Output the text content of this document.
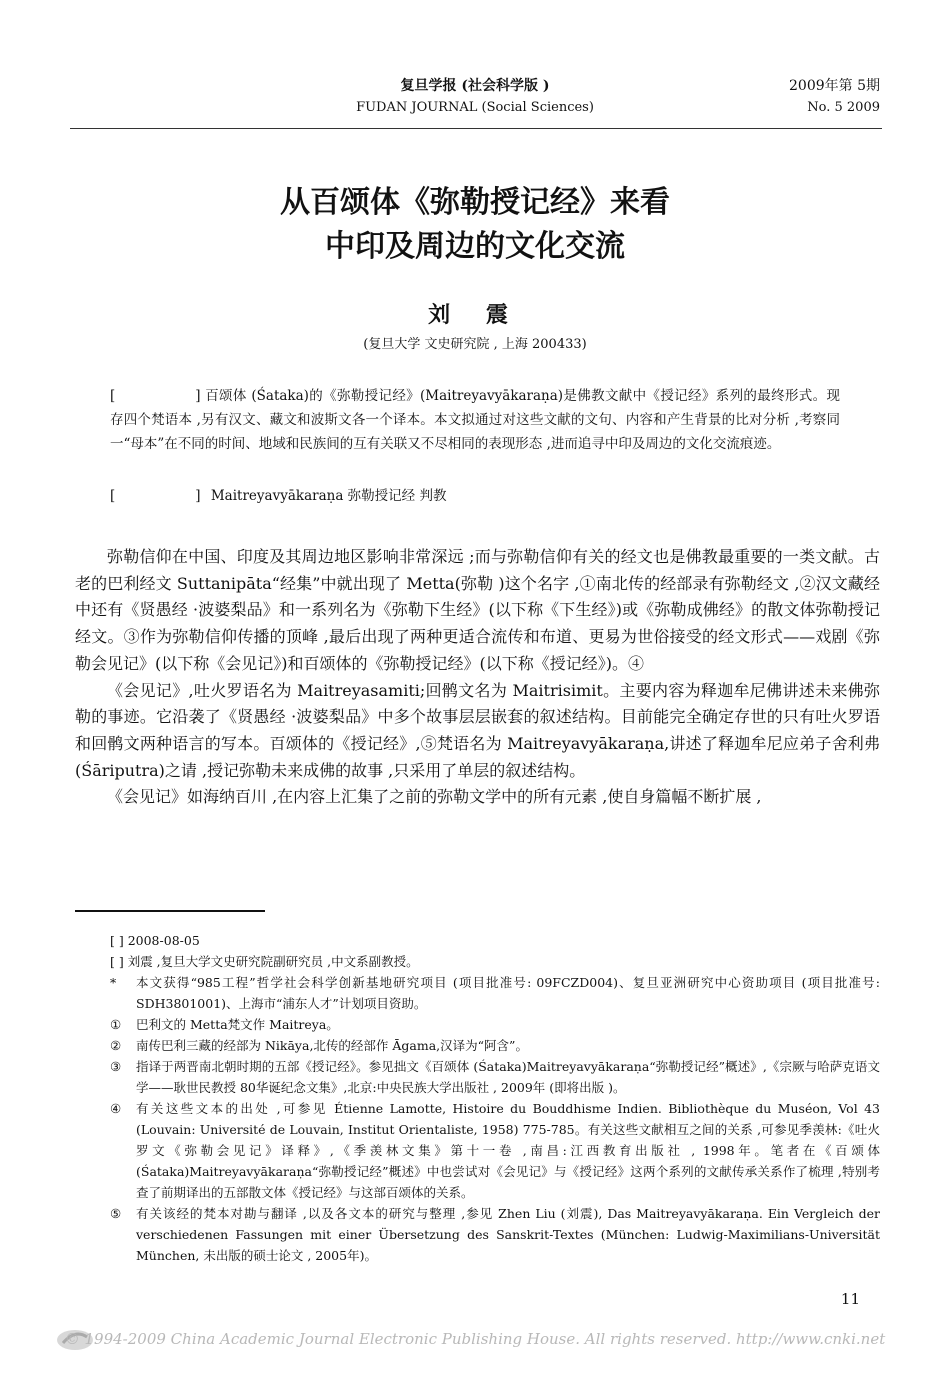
复旦学报 (社会科学版 )
FUDAN JOURNAL (Social Sciences)
2009年第 5期
No. 5 2009
从百颂体《弥勒授记经》来看
中印及周边的文化交流
刘 震
(复旦大学 文史研究院 , 上海 200433)
[	] 百颂体 (Śataka)的《弥勒授记经》(Maitreyavyākaraṇa)是佛教文献中《授记经》系列的最终形式。现存四个梵语本 ,另有汉文、藏文和波斯文各一个译本。本文拟通过对这些文献的文句、内容和产生背景的比对分析 ,考察同一“母本”在不同的时间、地域和民族间的互有关联又不尽相同的表现形态 ,进而追寻中印及周边的文化交流痕迹。
[	] Maitreyavyākaraṇa 弥勒授记经 判教

弥勒信仰在中国、印度及其周边地区影响非常深远 ;而与弥勒信仰有关的经文也是佛教最重要的一类文献。古老的巴利经文 Suttanipāta“经集”中就出现了 Metta(弥勒 )这个名字 ,①南北传的经部录有弥勒经文 ,②汉文藏经中还有《贤愚经 ·波婆梨品》和一系列名为《弥勒下生经》(以下称《下生经》)或《弥勒成佛经》的散文体弥勒授记经文。③作为弥勒信仰传播的顶峰 ,最后出现了两种更适合流传和布道、更易为世俗接受的经文形式——戏剧《弥勒会见记》(以下称《会见记》)和百颂体的《弥勒授记经》(以下称《授记经》)。④

《会见记》,吐火罗语名为 Maitreyasamiti;回鹘文名为 Maitrisimit。主要内容为释迦牟尼佛讲述未来佛弥勒的事迹。它沿袭了《贤愚经 ·波婆梨品》中多个故事层层嵌套的叙述结构。目前能完全确定存世的只有吐火罗语和回鹘文两种语言的写本。百颂体的《授记经》,⑤梵语名为 Maitreyavyākaraṇa,讲述了释迦牟尼应弟子舍利弗 (Śāriputra)之请 ,授记弥勒未来成佛的故事 ,只采用了单层的叙述结构。

《会见记》如海纳百川 ,在内容上汇集了之前的弥勒文学中的所有元素 ,使自身篇幅不断扩展 ,

[ ] 2008-08-05
[ ] 刘震 ,复旦大学文史研究院副研究员 ,中文系副教授。
*	本文获得“985工程”哲学社会科学创新基地研究项目 (项目批准号: 09FCZD004)、复旦亚洲研究中心资助项目 (项目批准号: SDH3801001)、上海市“浦东人才”计划项目资助。
①	巴利文的 Metta梵文作 Maitreya。
②	南传巴利三藏的经部为 Nikāya,北传的经部作 Āgama,汉译为“阿含”。
③	指译于两晋南北朝时期的五部《授记经》。参见拙文《百颂体 (Śataka)Maitreyavyākaraṇa“弥勒授记经”概述》,《宗厥与哈萨克语文学——耿世民教授 80华诞纪念文集》,北京:中央民族大学出版社 , 2009年 (即将出版 )。
④	有关这些文本的出处 ,可参见 Étienne Lamotte, Histoire du Bouddhisme Indien. Bibliothèque du Muséon, Vol 43 (Louvain: Université de Louvain, Institut Orientaliste, 1958) 775-785。有关这些文献相互之间的关系 ,可参见季羡林:《吐火罗文《弥勒会见记》译释》,《季羡林文集》第十一卷 ,南昌:江西教育出版社 , 1998年。笔者在《百颂体 (Śataka)Maitreyavyākaraṇa“弥勒授记经”概述》中也尝试对《会见记》与《授记经》这两个系列的文献传承关系作了梳理 ,特别考查了前期译出的五部散文体《授记经》与这部百颂体的关系。
⑤	有关该经的梵本对勘与翻译 ,以及各文本的研究与整理 ,参见 Zhen Liu (刘震), Das Maitreyavyākaraṇa. Ein Vergleich der verschiedenen Fassungen mit einer Übersetzung des Sanskrit-Textes (München: Ludwig-Maximilians-Universität München, 未出版的硕士论文 , 2005年)。
11
© 1994-2009 China Academic Journal Electronic Publishing House. All rights reserved. http://www.cnki.net
